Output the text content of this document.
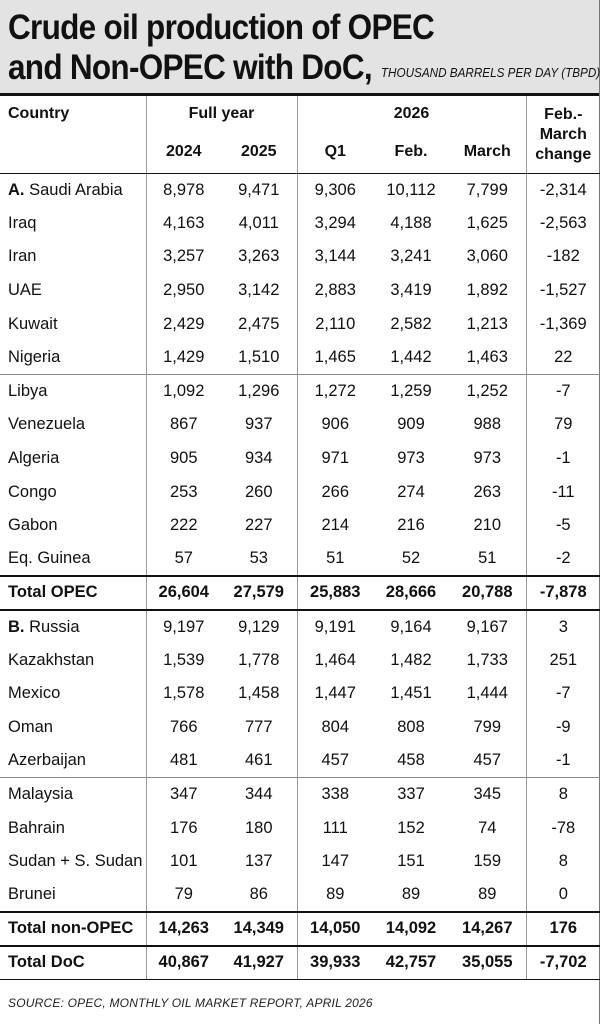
Crude oil production of OPEC
and Non-OPEC with DoC, THOUSAND BARRELS PER DAY (TBPD)
Country	Full year		2026			Feb.-
March
change
	2024	2025	Q1	Feb.	March	
A. Saudi Arabia	8,978	9,471	9,306	10,112	7,799	-2,314
Iraq	4,163	4,011	3,294	4,188	1,625	-2,563
Iran	3,257	3,263	3,144	3,241	3,060	-182
UAE	2,950	3,142	2,883	3,419	1,892	-1,527
Kuwait	2,429	2,475	2,110	2,582	1,213	-1,369
Nigeria	1,429	1,510	1,465	1,442	1,463	22
Libya	1,092	1,296	1,272	1,259	1,252	-7
Venezuela	867	937	906	909	988	79
Algeria	905	934	971	973	973	-1
Congo	253	260	266	274	263	-11
Gabon	222	227	214	216	210	-5
Eq. Guinea	57	53	51	52	51	-2
Total OPEC	26,604	27,579	25,883	28,666	20,788	-7,878
B. Russia	9,197	9,129	9,191	9,164	9,167	3
Kazakhstan	1,539	1,778	1,464	1,482	1,733	251
Mexico	1,578	1,458	1,447	1,451	1,444	-7
Oman	766	777	804	808	799	-9
Azerbaijan	481	461	457	458	457	-1
Malaysia	347	344	338	337	345	8
Bahrain	176	180	111	152	74	-78
Sudan + S. Sudan	101	137	147	151	159	8
Brunei	79	86	89	89	89	0
Total non-OPEC	14,263	14,349	14,050	14,092	14,267	176
Total DoC	40,867	41,927	39,933	42,757	35,055	-7,702
SOURCE: OPEC, MONTHLY OIL MARKET REPORT, APRIL 2026
